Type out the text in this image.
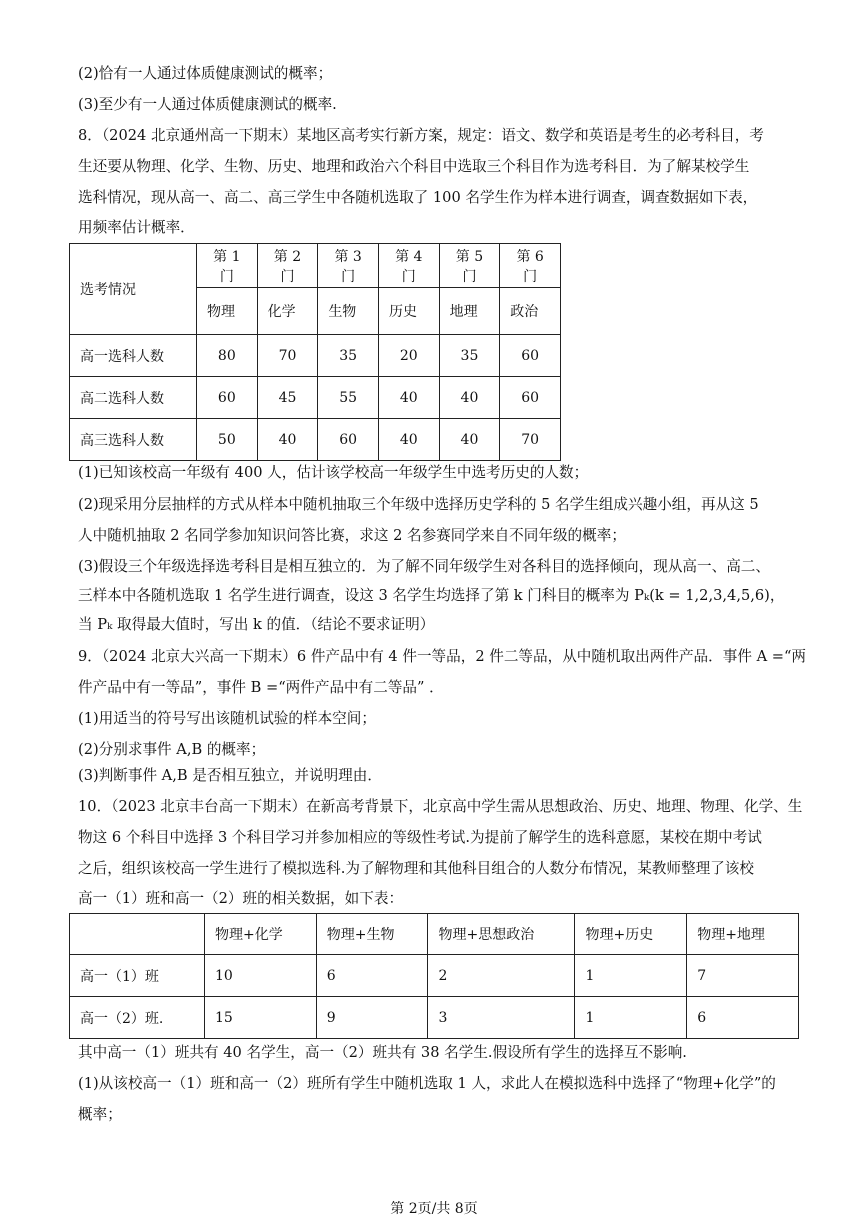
(2)恰有一人通过体质健康测试的概率；
(3)至少有一人通过体质健康测试的概率.
8．（2024 北京通州高一下期末）某地区高考实行新方案，规定：语文、数学和英语是考生的必考科目，考
生还要从物理、化学、生物、历史、地理和政治六个科目中选取三个科目作为选考科目．为了解某校学生
选科情况，现从高一、高二、高三学生中各随机选取了 100 名学生作为样本进行调查，调查数据如下表，
用频率估计概率．
选考情况	第 1 门	第 2 门	第 3 门	第 4 门	第 5 门	第 6 门
	物理	化学	生物	历史	地理	政治
高一选科人数	80	70	35	20	35	60
高二选科人数	60	45	55	40	40	60
高三选科人数	50	40	60	40	40	70
(1)已知该校高一年级有 400 人，估计该学校高一年级学生中选考历史的人数；
(2)现采用分层抽样的方式从样本中随机抽取三个年级中选择历史学科的 5 名学生组成兴趣小组，再从这 5
人中随机抽取 2 名同学参加知识问答比赛，求这 2 名参赛同学来自不同年级的概率；
(3)假设三个年级选择选考科目是相互独立的．为了解不同年级学生对各科目的选择倾向，现从高一、高二、
三样本中各随机选取 1 名学生进行调查，设这 3 名学生均选择了第 k 门科目的概率为 Pₖ(k = 1,2,3,4,5,6)，
当 Pₖ 取得最大值时，写出 k 的值．（结论不要求证明）
9．（2024 北京大兴高一下期末）6 件产品中有 4 件一等品，2 件二等品，从中随机取出两件产品．事件 A =“两
件产品中有一等品”，事件 B =“两件产品中有二等品” ．
(1)用适当的符号写出该随机试验的样本空间；
(2)分别求事件 A,B 的概率；
(3)判断事件 A,B 是否相互独立，并说明理由．
10．（2023 北京丰台高一下期末）在新高考背景下，北京高中学生需从思想政治、历史、地理、物理、化学、生
物这 6 个科目中选择 3 个科目学习并参加相应的等级性考试.为提前了解学生的选科意愿，某校在期中考试
之后，组织该校高一学生进行了模拟选科.为了解物理和其他科目组合的人数分布情况，某教师整理了该校
高一（1）班和高一（2）班的相关数据，如下表：
	物理+化学	物理+生物	物理+思想政治	物理+历史	物理+地理
高一（1）班	10	6	2	1	7
高一（2）班.	15	9	3	1	6
其中高一（1）班共有 40 名学生，高一（2）班共有 38 名学生.假设所有学生的选择互不影响.
(1)从该校高一（1）班和高一（2）班所有学生中随机选取 1 人，求此人在模拟选科中选择了“物理+化学”的
概率；
第 2页/共 8页
